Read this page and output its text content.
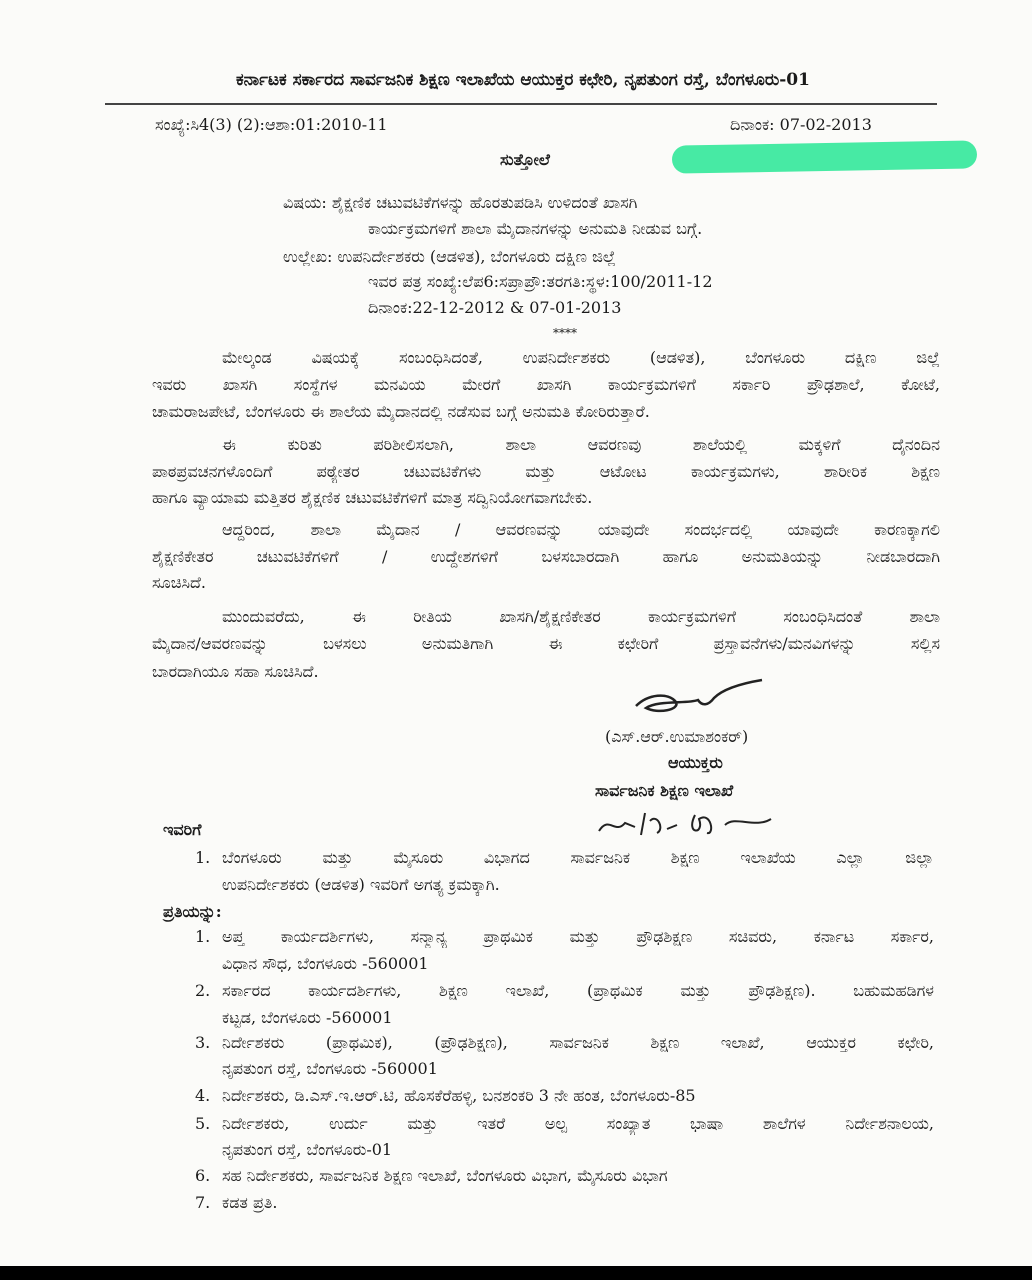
ಕರ್ನಾಟಕ ಸರ್ಕಾರದ ಸಾರ್ವಜನಿಕ ಶಿಕ್ಷಣ ಇಲಾಖೆಯ ಆಯುಕ್ತರ ಕಛೇರಿ, ನೃಪತುಂಗ ರಸ್ತೆ, ಬೆಂಗಳೂರು-01
ಸಂಖ್ಯೆ:ಸಿ4(3) (2):ಆಶಾ:01:2010-11	ದಿನಾಂಕ: 07-02-2013
ಸುತ್ತೋಲೆ
ವಿಷಯ: ಶೈಕ್ಷಣಿಕ ಚಟುವಟಿಕೆಗಳನ್ನು ಹೊರತುಪಡಿಸಿ ಉಳಿದಂತೆ ಖಾಸಗಿ
ಕಾರ್ಯಕ್ರಮಗಳಿಗೆ ಶಾಲಾ ಮೈದಾನಗಳನ್ನು ಅನುಮತಿ ನೀಡುವ ಬಗ್ಗೆ.
ಉಲ್ಲೇಖ: ಉಪನಿರ್ದೇಶಕರು (ಆಡಳಿತ), ಬೆಂಗಳೂರು ದಕ್ಷಿಣ ಜಿಲ್ಲೆ
ಇವರ ಪತ್ರ ಸಂಖ್ಯೆ:ಲೆಪ6:ಸಪ್ರಾಪ್ರೌ:ತರಗತಿ:ಸ್ಥಳ:100/2011-12
ದಿನಾಂಕ:22-12-2012 & 07-01-2013
****
ಮೇಲ್ಕಂಡ ವಿಷಯಕ್ಕೆ ಸಂಬಂಧಿಸಿದಂತೆ, ಉಪನಿರ್ದೇಶಕರು (ಆಡಳಿತ), ಬೆಂಗಳೂರು ದಕ್ಷಿಣ ಜಿಲ್ಲೆ
ಇವರು ಖಾಸಗಿ ಸಂಸ್ಥೆಗಳ ಮನವಿಯ ಮೇರಗೆ ಖಾಸಗಿ ಕಾರ್ಯಕ್ರಮಗಳಿಗೆ ಸರ್ಕಾರಿ ಪ್ರೌಢಶಾಲೆ, ಕೋಟೆ,
ಚಾಮರಾಜಪೇಟೆ, ಬೆಂಗಳೂರು ಈ ಶಾಲೆಯ ಮೈದಾನದಲ್ಲಿ ನಡೆಸುವ ಬಗ್ಗೆ ಅನುಮತಿ ಕೋರಿರುತ್ತಾರೆ.
ಈ ಕುರಿತು ಪರಿಶೀಲಿಸಲಾಗಿ, ಶಾಲಾ ಆವರಣವು ಶಾಲೆಯಲ್ಲಿ ಮಕ್ಕಳಿಗೆ ದೈನಂದಿನ
ಪಾಠಪ್ರವಚನಗಳೊಂದಿಗೆ ಪಠ್ಯೇತರ ಚಟುವಟಿಕೆಗಳು ಮತ್ತು ಆಟೋಟ ಕಾರ್ಯಕ್ರಮಗಳು, ಶಾರೀರಿಕ ಶಿಕ್ಷಣ
ಹಾಗೂ ವ್ಯಾಯಾಮ ಮತ್ತಿತರ ಶೈಕ್ಷಣಿಕ ಚಟುವಟಿಕೆಗಳಿಗೆ ಮಾತ್ರ ಸದ್ವಿನಿಯೋಗವಾಗಬೇಕು.
ಆದ್ದರಿಂದ, ಶಾಲಾ ಮೈದಾನ / ಆವರಣವನ್ನು ಯಾವುದೇ ಸಂದರ್ಭದಲ್ಲಿ ಯಾವುದೇ ಕಾರಣಕ್ಕಾಗಲಿ
ಶೈಕ್ಷಣಿಕೇತರ ಚಟುವಟಿಕೆಗಳಿಗೆ / ಉದ್ದೇಶಗಳಿಗೆ ಬಳಸಬಾರದಾಗಿ ಹಾಗೂ ಅನುಮತಿಯನ್ನು ನೀಡಬಾರದಾಗಿ
ಸೂಚಿಸಿದೆ.
ಮುಂದುವರೆದು, ಈ ರೀತಿಯ ಖಾಸಗಿ/ಶೈಕ್ಷಣಿಕೇತರ ಕಾರ್ಯಕ್ರಮಗಳಿಗೆ ಸಂಬಂಧಿಸಿದಂತೆ ಶಾಲಾ
ಮೈದಾನ/ಆವರಣವನ್ನು ಬಳಸಲು ಅನುಮತಿಗಾಗಿ ಈ ಕಛೇರಿಗೆ ಪ್ರಸ್ತಾವನೆಗಳು/ಮನವಿಗಳನ್ನು ಸಲ್ಲಿಸ
ಬಾರದಾಗಿಯೂ ಸಹಾ ಸೂಚಿಸಿದೆ.
(ಎಸ್.ಆರ್.ಉಮಾಶಂಕರ್)
ಆಯುಕ್ತರು
ಸಾರ್ವಜನಿಕ ಶಿಕ್ಷಣ ಇಲಾಖೆ
ಇವರಿಗೆ
1. ಬೆಂಗಳೂರು ಮತ್ತು ಮೈಸೂರು ವಿಭಾಗದ ಸಾರ್ವಜನಿಕ ಶಿಕ್ಷಣ ಇಲಾಖೆಯ ಎಲ್ಲಾ ಜಿಲ್ಲಾ
ಉಪನಿರ್ದೇಶಕರು (ಆಡಳಿತ) ಇವರಿಗೆ ಅಗತ್ಯ ಕ್ರಮಕ್ಕಾಗಿ.
ಪ್ರತಿಯನ್ನು:
1. ಅಪ್ತ ಕಾರ್ಯದರ್ಶಿಗಳು, ಸನ್ಮಾನ್ಯ ಪ್ರಾಥಮಿಕ ಮತ್ತು ಪ್ರೌಢಶಿಕ್ಷಣ ಸಚಿವರು, ಕರ್ನಾಟ ಸರ್ಕಾರ,
ವಿಧಾನ ಸೌಧ, ಬೆಂಗಳೂರು -560001
2. ಸರ್ಕಾರದ ಕಾರ್ಯದರ್ಶಿಗಳು, ಶಿಕ್ಷಣ ಇಲಾಖೆ, (ಪ್ರಾಥಮಿಕ ಮತ್ತು ಪ್ರೌಢಶಿಕ್ಷಣ). ಬಹುಮಹಡಿಗಳ
ಕಟ್ಟಡ, ಬೆಂಗಳೂರು -560001
3. ನಿರ್ದೇಶಕರು (ಪ್ರಾಥಮಿಕ), (ಪ್ರೌಢಶಿಕ್ಷಣ), ಸಾರ್ವಜನಿಕ ಶಿಕ್ಷಣ ಇಲಾಖೆ, ಆಯುಕ್ತರ ಕಛೇರಿ,
ನೃಪತುಂಗ ರಸ್ತೆ, ಬೆಂಗಳೂರು -560001
4. ನಿರ್ದೇಶಕರು, ಡಿ.ಎಸ್.ಇ.ಆರ್.ಟಿ, ಹೊಸಕೆರೆಹಳ್ಳಿ, ಬನಶಂಕರಿ 3 ನೇ ಹಂತ, ಬೆಂಗಳೂರು-85
5. ನಿರ್ದೇಶಕರು, ಉರ್ದು ಮತ್ತು ಇತರೆ ಅಲ್ಪ ಸಂಖ್ಯಾತ ಭಾಷಾ ಶಾಲೆಗಳ ನಿರ್ದೇಶನಾಲಯ,
ನೃಪತುಂಗ ರಸ್ತೆ, ಬೆಂಗಳೂರು-01
6. ಸಹ ನಿರ್ದೇಶಕರು, ಸಾರ್ವಜನಿಕ ಶಿಕ್ಷಣ ಇಲಾಖೆ, ಬೆಂಗಳೂರು ವಿಭಾಗ, ಮೈಸೂರು ವಿಭಾಗ
7. ಕಡತ ಪ್ರತಿ.
